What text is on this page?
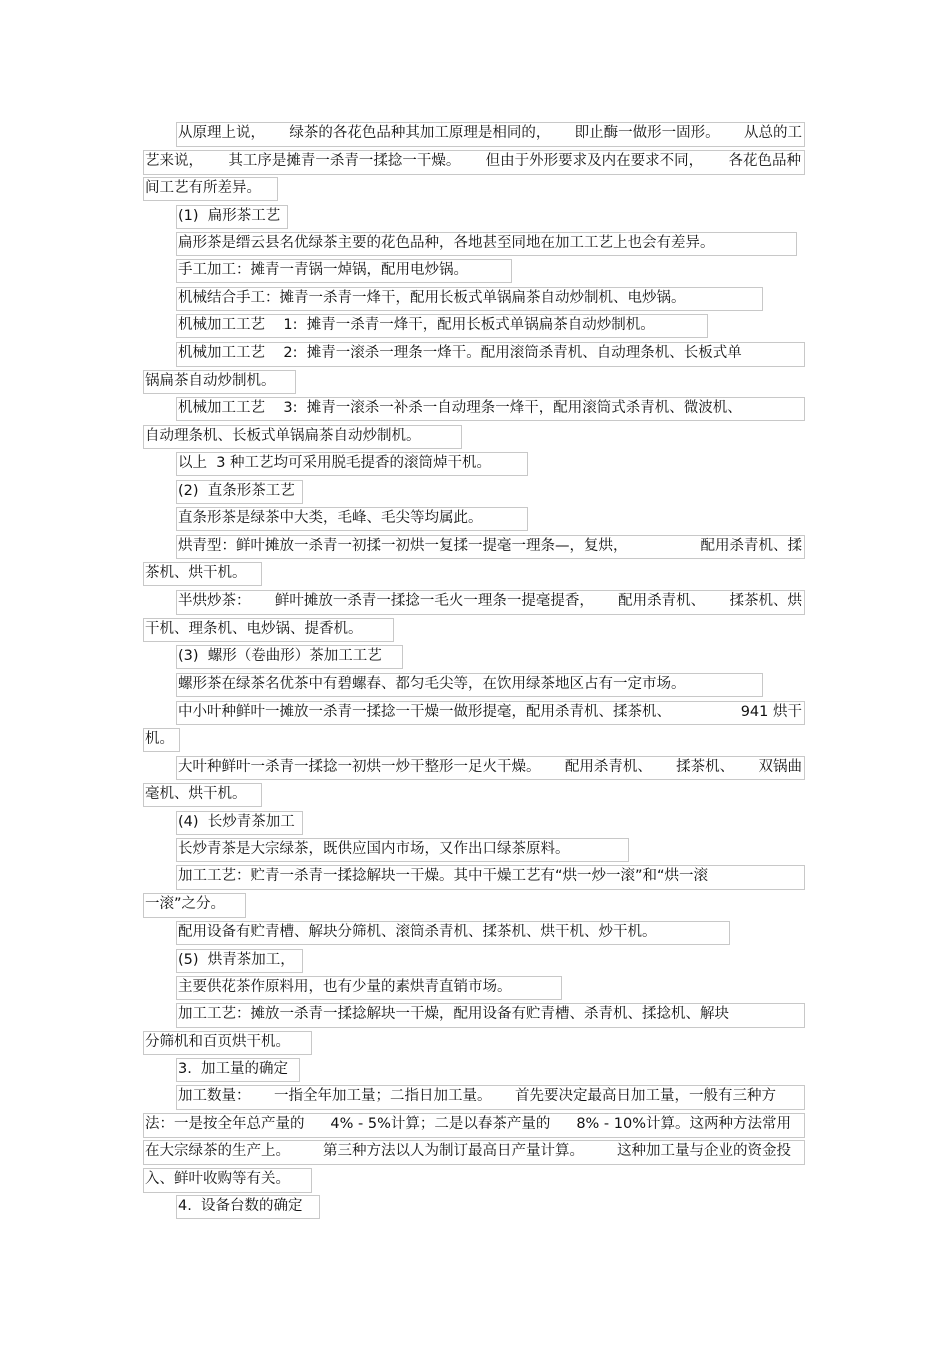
从原理上说， 绿茶的各花色品种其加工原理是相同的， 即止酶一做形一固形。 从总的工
艺来说， 其工序是摊青一杀青一揉捻一干燥。 但由于外形要求及内在要求不同， 各花色品种
间工艺有所差异。
(1)  扁形茶工艺
扁形茶是缙云县名优绿茶主要的花色品种，各地甚至同地在加工工艺上也会有差异。
手工加工：摊青一青锅一焯锅，配用电炒锅。
机械结合手工：摊青一杀青一烽干，配用长板式单锅扁茶自动炒制机、电炒锅。
机械加工工艺    1:  摊青一杀青一烽干，配用长板式单锅扁茶自动炒制机。
机械加工工艺    2:  摊青一滚杀一理条一烽干。配用滚筒杀青机、自动理条机、长板式单
锅扁茶自动炒制机。
机械加工工艺    3:  摊青一滚杀一补杀一自动理条一烽干，配用滚筒式杀青机、微波机、
自动理条机、长板式单锅扁茶自动炒制机。
以上  3 种工艺均可采用脱毛提香的滚筒焯干机。
(2)  直条形茶工艺
直条形茶是绿茶中大类，毛峰、毛尖等均属此。
烘青型：鲜叶摊放一杀青一初揉一初烘一复揉一提毫一理条—，复烘，	配用杀青机、揉
茶机、烘干机。
半烘炒茶： 鲜叶摊放一杀青一揉捻一毛火一理条一提毫提香， 配用杀青机、 揉茶机、烘
干机、理条机、电炒锅、提香机。
(3)  螺形（卷曲形）茶加工工艺
螺形茶在绿茶名优茶中有碧螺春、都匀毛尖等，在饮用绿茶地区占有一定市场。
中小叶种鲜叶一摊放一杀青一揉捻一干燥一做形提毫，配用杀青机、揉茶机、	941 烘干
机。
大叶种鲜叶一杀青一揉捻一初烘一炒干整形一足火干燥。 配用杀青机、 揉茶机、 双锅曲
毫机、烘干机。
(4)  长炒青茶加工
长炒青茶是大宗绿茶，既供应国内市场，又作出口绿茶原料。
加工工艺：贮青一杀青一揉捻解块一干燥。其中干燥工艺有“烘一炒一滚”和“烘一滚
一滚”之分。
配用设备有贮青槽、解块分筛机、滚筒杀青机、揉茶机、烘干机、炒干机。
(5)  烘青茶加工，
主要供花茶作原料用，也有少量的素烘青直销市场。
加工工艺：摊放一杀青一揉捻解块一干燥，配用设备有贮青槽、杀青机、揉捻机、解块
分筛机和百页烘干机。
3.  加工量的确定
加工数量： 一指全年加工量；二指日加工量。 首先要决定最高日加工量，一般有三种方
法：一是按全年总产量的 4% - 5%计算；二是以春茶产量的 8% - 10%计算。这两种方法常用
在大宗绿茶的生产上。 第三种方法以人为制订最高日产量计算。 这种加工量与企业的资金投
入、鲜叶收购等有关。
4.  设备台数的确定
